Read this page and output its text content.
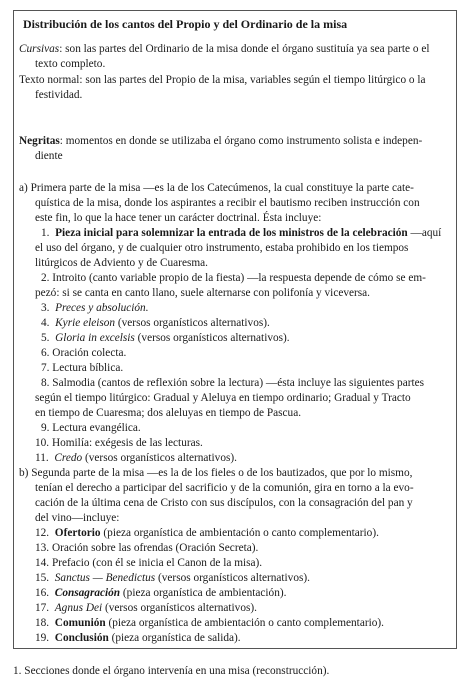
Distribución de los cantos del Propio y del Ordinario de la misa
Cursivas: son las partes del Ordinario de la misa donde el órgano sustituía ya sea parte o el
texto completo.
Texto normal: son las partes del Propio de la misa, variables según el tiempo litúrgico o la
festividad.
Negritas: momentos en donde se utilizaba el órgano como instrumento solista e indepen-
diente
a) Primera parte de la misa —es la de los Catecúmenos, la cual constituye la parte cate-
quística de la misa, donde los aspirantes a recibir el bautismo reciben instrucción con
este fin, lo que la hace tener un carácter doctrinal. Ésta incluye:
1. Pieza inicial para solemnizar la entrada de los ministros de la celebración —aquí
el uso del órgano, y de cualquier otro instrumento, estaba prohibido en los tiempos
litúrgicos de Adviento y de Cuaresma.
2. Introito (canto variable propio de la fiesta) —la respuesta depende de cómo se em-
pezó: si se canta en canto llano, suele alternarse con polifonía y viceversa.
3. Preces y absolución.
4. Kyrie eleison (versos organísticos alternativos).
5. Gloria in excelsis (versos organísticos alternativos).
6. Oración colecta.
7. Lectura bíblica.
8. Salmodia (cantos de reflexión sobre la lectura) —ésta incluye las siguientes partes
según el tiempo litúrgico: Gradual y Aleluya en tiempo ordinario; Gradual y Tracto
en tiempo de Cuaresma; dos aleluyas en tiempo de Pascua.
9. Lectura evangélica.
10. Homilía: exégesis de las lecturas.
11. Credo (versos organísticos alternativos).
b) Segunda parte de la misa —es la de los fieles o de los bautizados, que por lo mismo,
tenían el derecho a participar del sacrificio y de la comunión, gira en torno a la evo-
cación de la última cena de Cristo con sus discípulos, con la consagración del pan y
del vino—incluye:
12. Ofertorio (pieza organística de ambientación o canto complementario).
13. Oración sobre las ofrendas (Oración Secreta).
14. Prefacio (con él se inicia el Canon de la misa).
15. Sanctus — Benedictus (versos organísticos alternativos).
16. Consagración (pieza organística de ambientación).
17. Agnus Dei (versos organísticos alternativos).
18. Comunión (pieza organística de ambientación o canto complementario).
19. Conclusión (pieza organística de salida).
1. Secciones donde el órgano intervenía en una misa (reconstrucción).
